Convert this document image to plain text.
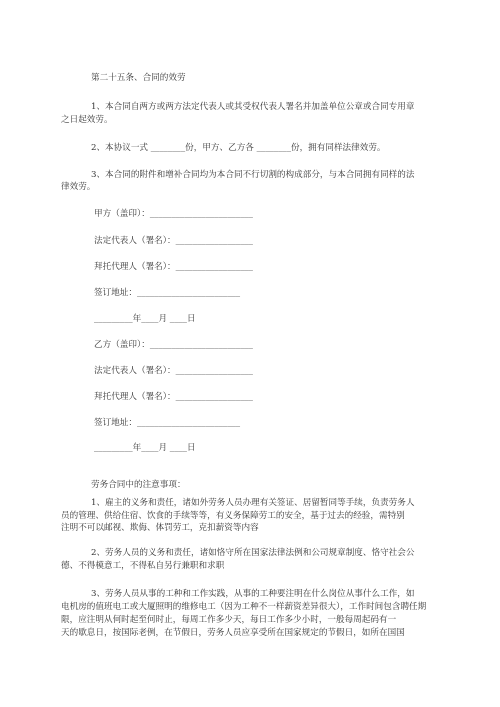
第二十五条、合同的效劳
1、本合同自两方或两方法定代表人或其受权代表人署名并加盖单位公章或合同专用章
之日起效劳。
2、本协议一式 ________份，甲方、乙方各 ________份，拥有同样法律效劳。
3、本合同的附件和增补合同均为本合同不行切割的构成部分，与本合同拥有同样的法
律效劳。
甲方（盖印）：________________________
法定代表人（署名）：__________________
拜托代理人（署名）：__________________
签订地址：________________________
_________年____月 ____日
乙方（盖印）：________________________
法定代表人（署名）：__________________
拜托代理人（署名）：__________________
签订地址：________________________
_________年____月 ____日
劳务合同中的注意事项：
1、雇主的义务和责任，诸如外劳务人员办理有关签证、居留暂同等手续，负责劳务人
员的管理、供给住宿、饮食的手续等等，有义务保障劳工的安全，基于过去的经验，需特别
注明不可以邮视、欺侮、体罚劳工，克扣薪资等内容
2、劳务人员的义务和责任，诸如恪守所在国家法律法例和公司规章制度、恪守社会公
德、不得模意工，不得私自另行兼职和求职
3、劳务人员从事的工种和工作实践，从事的工种要注明在什么岗位从事什么工作，如
电机房的值班电工或大厦照明的维修电工（因为工种不一样薪资差异很大），工作时间包含聘任期
限，应注明从何时起至何时止，每周工作多少天，每日工作多少小时，一般每周起码有一
天的歇息日，按国际老例，在节假日，劳务人员应享受所在国家规定的节假日，如所在国国
